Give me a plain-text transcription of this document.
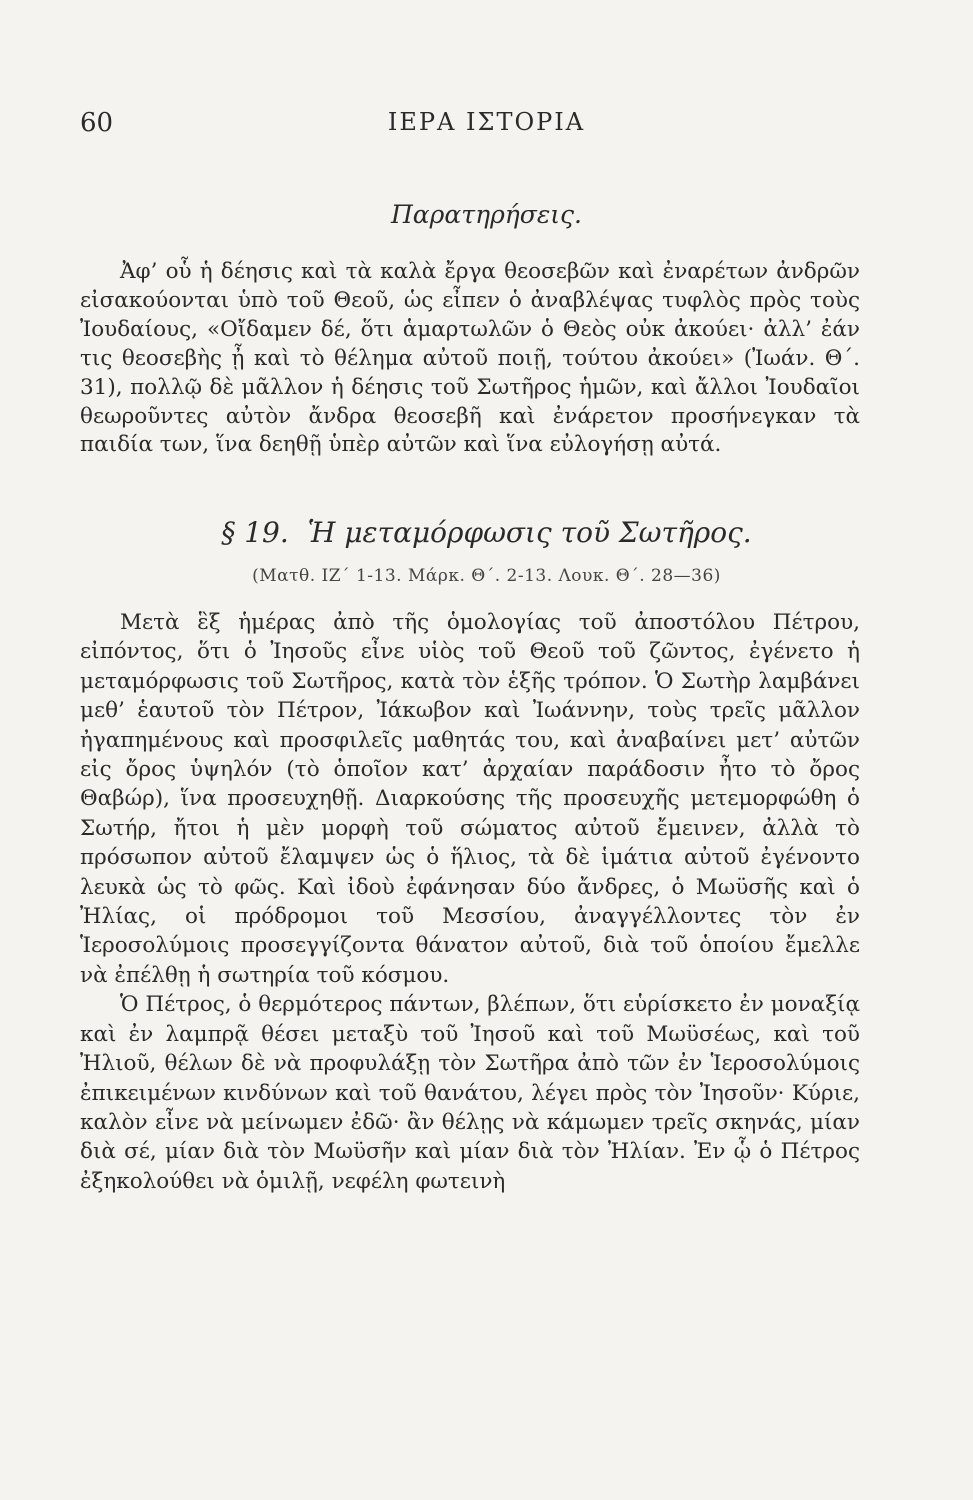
60	ΙΕΡΑ ΙΣΤΟΡΙΑ
Παρατηρήσεις.

Ἀφ’ οὗ ἡ δέησις καὶ τὰ καλὰ ἔργα θεοσεβῶν καὶ ἐναρέτων ἀνδρῶν εἰσακούονται ὑπὸ τοῦ Θεοῦ, ὡς εἶπεν ὁ ἀναβλέψας τυφλὸς πρὸς τοὺς Ἰουδαίους, «Οἴδαμεν δέ, ὅτι ἁμαρτωλῶν ὁ Θεὸς οὐκ ἀκούει· ἀλλ’ ἐάν τις θεοσεβὴς ᾖ καὶ τὸ θέλημα αὐτοῦ ποιῇ, τούτου ἀκούει» (Ἰωάν. Θ΄. 31), πολλῷ δὲ μᾶλλον ἡ δέησις τοῦ Σωτῆρος ἡμῶν, καὶ ἄλλοι Ἰουδαῖοι θεωροῦντες αὐτὸν ἄνδρα θεοσεβῆ καὶ ἐνάρετον προσήνεγκαν τὰ παιδία των, ἵνα δεηθῇ ὑπὲρ αὐτῶν καὶ ἵνα εὐλογήσῃ αὐτά.

§ 19. Ἡ μεταμόρφωσις τοῦ Σωτῆρος.
(Ματθ. ΙΖ΄ 1-13. Μάρκ. Θ΄. 2-13. Λουκ. Θ΄. 28—36)

Μετὰ ἓξ ἡμέρας ἀπὸ τῆς ὁμολογίας τοῦ ἀποστόλου Πέτρου, εἰπόντος, ὅτι ὁ Ἰησοῦς εἶνε υἱὸς τοῦ Θεοῦ τοῦ ζῶντος, ἐγένετο ἡ μεταμόρφωσις τοῦ Σωτῆρος, κατὰ τὸν ἑξῆς τρόπον. Ὁ Σωτὴρ λαμβάνει μεθ’ ἑαυτοῦ τὸν Πέτρον, Ἰάκωβον καὶ Ἰωάννην, τοὺς τρεῖς μᾶλλον ἠγαπημένους καὶ προσφιλεῖς μαθητάς του, καὶ ἀναβαίνει μετ’ αὐτῶν εἰς ὄρος ὑψηλόν (τὸ ὁποῖον κατ’ ἀρχαίαν παράδοσιν ἦτο τὸ ὄρος Θαβώρ), ἵνα προσευχηθῇ. Διαρκούσης τῆς προσευχῆς μετεμορφώθη ὁ Σωτήρ, ἤτοι ἡ μὲν μορφὴ τοῦ σώματος αὐτοῦ ἔμεινεν, ἀλλὰ τὸ πρόσωπον αὐτοῦ ἔλαμψεν ὡς ὁ ἥλιος, τὰ δὲ ἱμάτια αὐτοῦ ἐγένοντο λευκὰ ὡς τὸ φῶς. Καὶ ἰδοὺ ἐφάνησαν δύο ἄνδρες, ὁ Μωϋσῆς καὶ ὁ Ἠλίας, οἱ πρόδρομοι τοῦ Μεσσίου, ἀναγγέλλοντες τὸν ἐν Ἱεροσολύμοις προσεγγίζοντα θάνατον αὐτοῦ, διὰ τοῦ ὁποίου ἔμελλε νὰ ἐπέλθῃ ἡ σωτηρία τοῦ κόσμου.

Ὁ Πέτρος, ὁ θερμότερος πάντων, βλέπων, ὅτι εὑρίσκετο ἐν μοναξίᾳ καὶ ἐν λαμπρᾷ θέσει μεταξὺ τοῦ Ἰησοῦ καὶ τοῦ Μωϋσέως, καὶ τοῦ Ἠλιοῦ, θέλων δὲ νὰ προφυλάξῃ τὸν Σωτῆρα ἀπὸ τῶν ἐν Ἱεροσολύμοις ἐπικειμένων κινδύνων καὶ τοῦ θανάτου, λέγει πρὸς τὸν Ἰησοῦν· Κύριε, καλὸν εἶνε νὰ μείνωμεν ἐδῶ· ἂν θέλῃς νὰ κάμωμεν τρεῖς σκηνάς, μίαν διὰ σέ, μίαν διὰ τὸν Μωϋσῆν καὶ μίαν διὰ τὸν Ἠλίαν. Ἐν ᾧ ὁ Πέτρος ἐξηκολούθει νὰ ὁμιλῇ, νεφέλη φωτεινὴ
